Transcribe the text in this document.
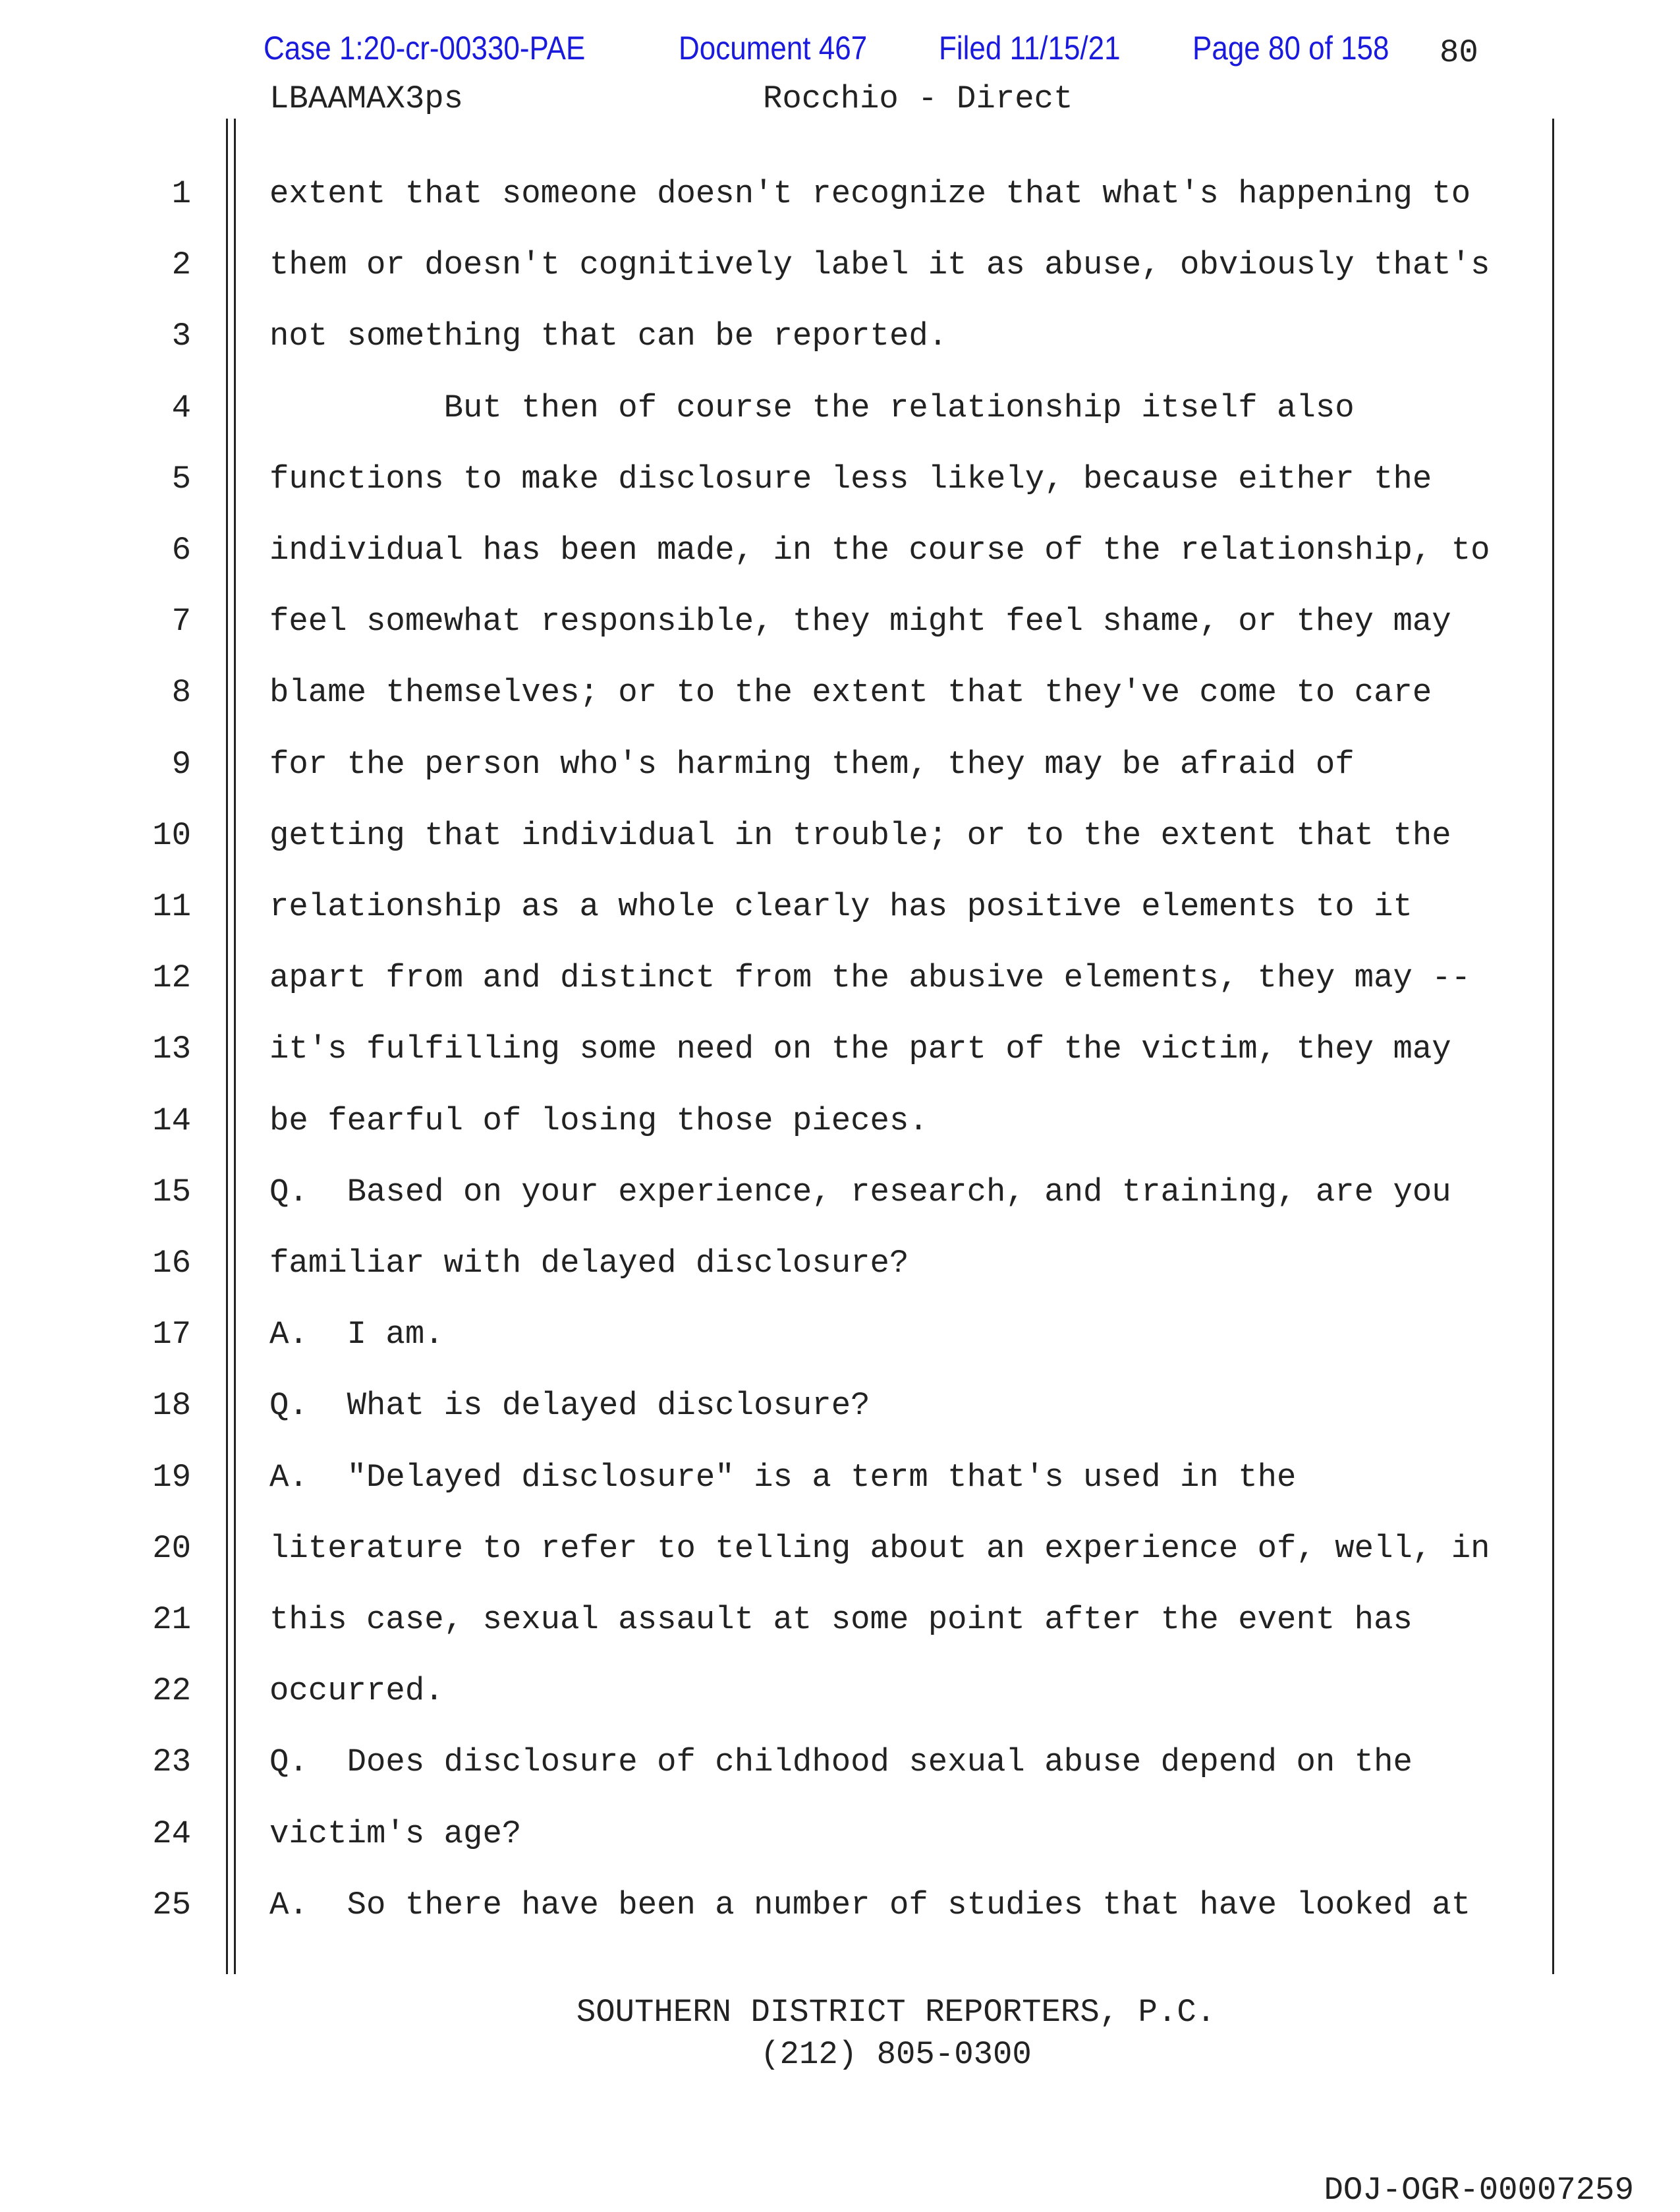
Case 1:20-cr-00330-PAE	Document 467 Filed 11/15/21 Page 80 of 158 80
LBAAMAX3ps	Rocchio - Direct
1 extent that someone doesn't recognize that what's happening to
2 them or doesn't cognitively label it as abuse, obviously that's
3 not something that can be reported.
4 But then of course the relationship itself also
5 functions to make disclosure less likely, because either the
6 individual has been made, in the course of the relationship, to
7 feel somewhat responsible, they might feel shame, or they may
8 blame themselves; or to the extent that they've come to care
9 for the person who's harming them, they may be afraid of
10 getting that individual in trouble; or to the extent that the
11 relationship as a whole clearly has positive elements to it
12 apart from and distinct from the abusive elements, they may --
13 it's fulfilling some need on the part of the victim, they may
14 be fearful of losing those pieces.
15 Q.  Based on your experience, research, and training, are you
16 familiar with delayed disclosure?
17 A.  I am.
18 Q.  What is delayed disclosure?
19 A.  "Delayed disclosure" is a term that's used in the
20 literature to refer to telling about an experience of, well, in
21 this case, sexual assault at some point after the event has
22 occurred.
23 Q.  Does disclosure of childhood sexual abuse depend on the
24 victim's age?
25 A.  So there have been a number of studies that have looked at
SOUTHERN DISTRICT REPORTERS, P.C.
(212) 805-0300
DOJ-OGR-00007259
